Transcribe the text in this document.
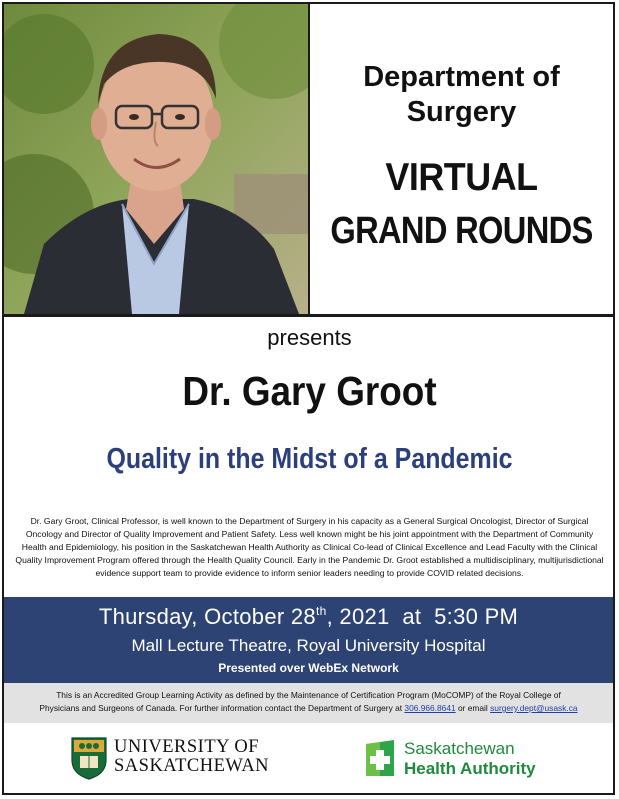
Department of
Surgery
VIRTUAL
GRAND ROUNDS
presents
Dr. Gary Groot
Quality in the Midst of a Pandemic
Dr. Gary Groot, Clinical Professor, is well known to the Department of Surgery in his capacity as a General Surgical Oncologist, Director of Surgical Oncology and Director of Quality Improvement and Patient Safety. Less well known might be his joint appointment with the Department of Community Health and Epidemiology, his position in the Saskatchewan Health Authority as Clinical Co-lead of Clinical Excellence and Lead Faculty with the Clinical Quality Improvement Program offered through the Health Quality Council. Early in the Pandemic Dr. Groot established a multidisciplinary, multijurisdictional evidence support team to provide evidence to inform senior leaders needing to provide COVID related decisions.
Thursday, October 28th, 2021  at  5:30 PM
Mall Lecture Theatre, Royal University Hospital
Presented over WebEx Network
This is an Accredited Group Learning Activity as defined by the Maintenance of Certification Program (MoCOMP) of the Royal College of
Physicians and Surgeons of Canada. For further information contact the Department of Surgery at 306.966.8641 or email surgery.dept@usask.ca
UNIVERSITY OF
SASKATCHEWAN
Saskatchewan
Health Authority
